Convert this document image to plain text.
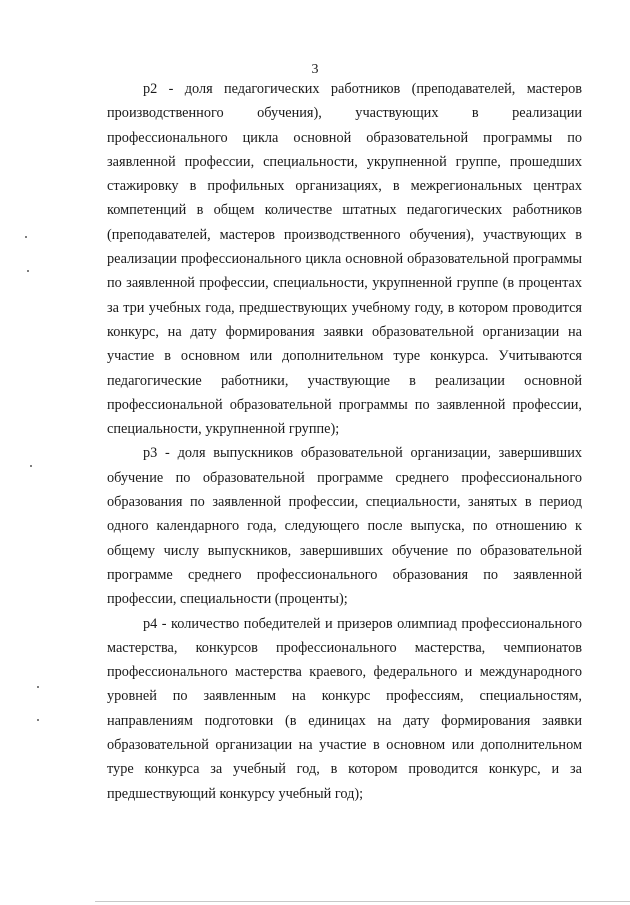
3

р2 - доля педагогических работников (преподавателей, мастеров производственного обучения), участвующих в реализации профессионального цикла основной образовательной программы по заявленной профессии, специальности, укрупненной группе, прошедших стажировку в профильных организациях, в межрегиональных центрах компетенций в общем количестве штатных педагогических работников (преподавателей, мастеров производственного обучения), участвующих в реализации профессионального цикла основной образовательной программы по заявленной профессии, специальности, укрупненной группе (в процентах за три учебных года, предшествующих учебному году, в котором проводится конкурс, на дату формирования заявки образовательной организации на участие в основном или дополнительном туре конкурса. Учитываются педагогические работники, участвующие в реализации основной профессиональной образовательной программы по заявленной профессии, специальности, укрупненной группе);

р3 - доля выпускников образовательной организации, завершивших обучение по образовательной программе среднего профессионального образования по заявленной профессии, специальности, занятых в период одного календарного года, следующего после выпуска, по отношению к общему числу выпускников, завершивших обучение по образовательной программе среднего профессионального образования по заявленной профессии, специальности (проценты);

р4 - количество победителей и призеров олимпиад профессионального мастерства, конкурсов профессионального мастерства, чемпионатов профессионального мастерства краевого, федерального и международного уровней по заявленным на конкурс профессиям, специальностям, направлениям подготовки (в единицах на дату формирования заявки образовательной организации на участие в основном или дополнительном туре конкурса за учебный год, в котором проводится конкурс, и за предшествующий конкурсу учебный год);
